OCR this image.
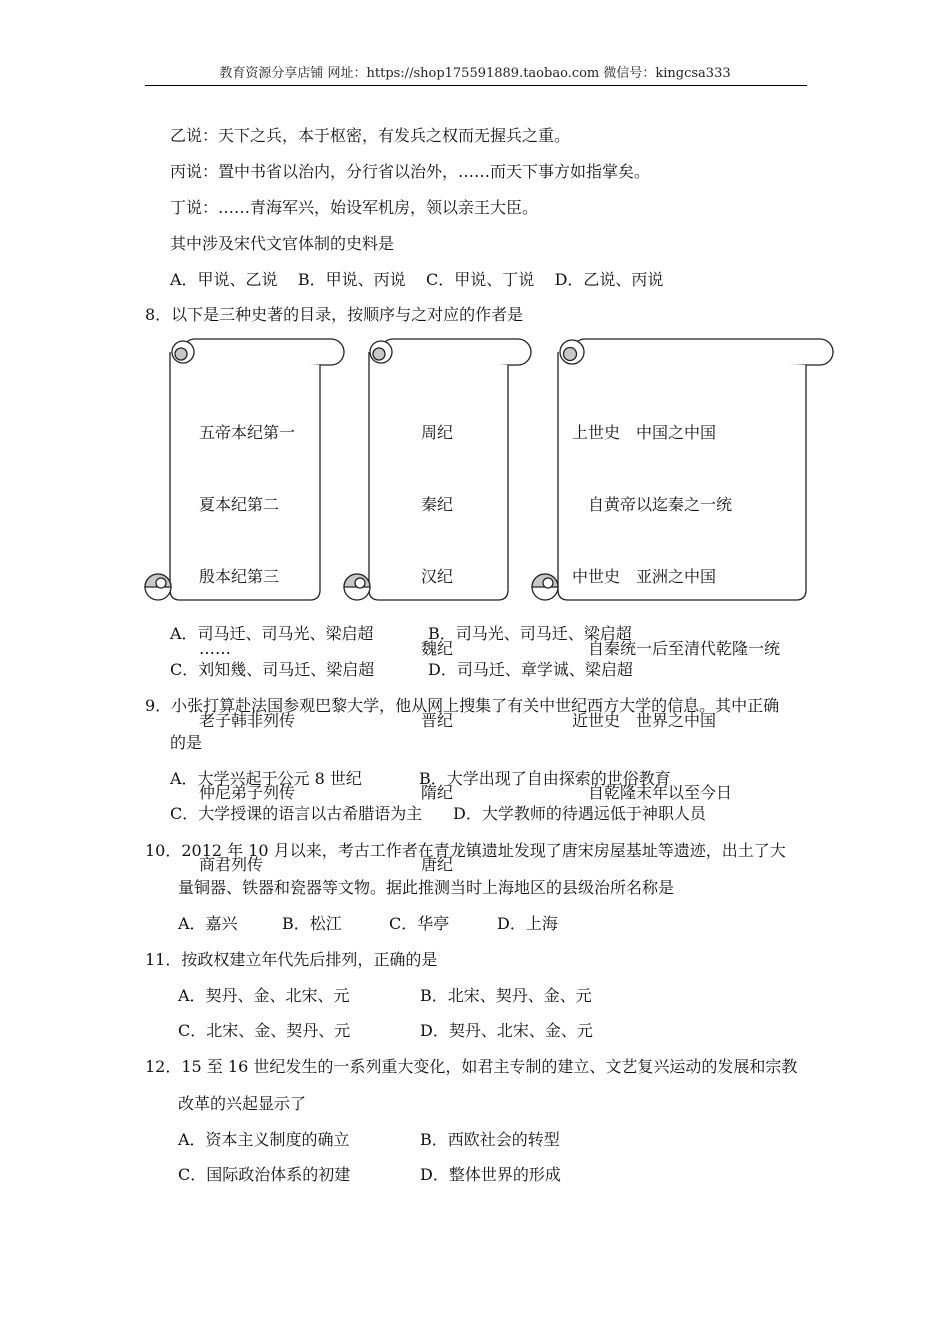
教育资源分享店铺 网址：https://shop175591889.taobao.com 微信号：kingcsa333
乙说：天下之兵，本于枢密，有发兵之权而无握兵之重。
丙说：置中书省以治内，分行省以治外，……而天下事方如指掌矣。
丁说：……青海军兴，始设军机房，领以亲王大臣。
其中涉及宋代文官体制的史料是
A．甲说、乙说    B．甲说、丙说    C．甲说、丁说    D．乙说、丙说
8．以下是三种史著的目录，按顺序与之对应的作者是

五帝本纪第一

夏本纪第二

殷本纪第三

……

老子韩非列传

仲尼弟子列传

商君列传

周纪

秦纪

汉纪

魏纪

晋纪

隋纪

唐纪

上世史　中国之中国

　自黄帝以迄秦之一统

中世史　亚洲之中国

　自秦统一后至清代乾隆一统

近世史　世界之中国

　自乾隆末年以至今日

A．司马迁、司马光、梁启超	B．司马光、司马迁、梁启超
C．刘知幾、司马迁、梁启超	D．司马迁、章学诚、梁启超
9．小张打算赴法国参观巴黎大学，他从网上搜集了有关中世纪西方大学的信息。其中正确
的是
A．大学兴起于公元 8 世纪	B．大学出现了自由探索的世俗教育
C．大学授课的语言以古希腊语为主 D．大学教师的待遇远低于神职人员
10．2012 年 10 月以来，考古工作者在青龙镇遗址发现了唐宋房屋基址等遗迹，出土了大
量铜器、铁器和瓷器等文物。据此推测当时上海地区的县级治所名称是
A．嘉兴	B．松江	C．华亭	D．上海
11．按政权建立年代先后排列，正确的是
A．契丹、金、北宋、元	B．北宋、契丹、金、元
C．北宋、金、契丹、元	D．契丹、北宋、金、元
12．15 至 16 世纪发生的一系列重大变化，如君主专制的建立、文艺复兴运动的发展和宗教
改革的兴起显示了
A．资本主义制度的确立	B．西欧社会的转型
C．国际政治体系的初建	D．整体世界的形成
